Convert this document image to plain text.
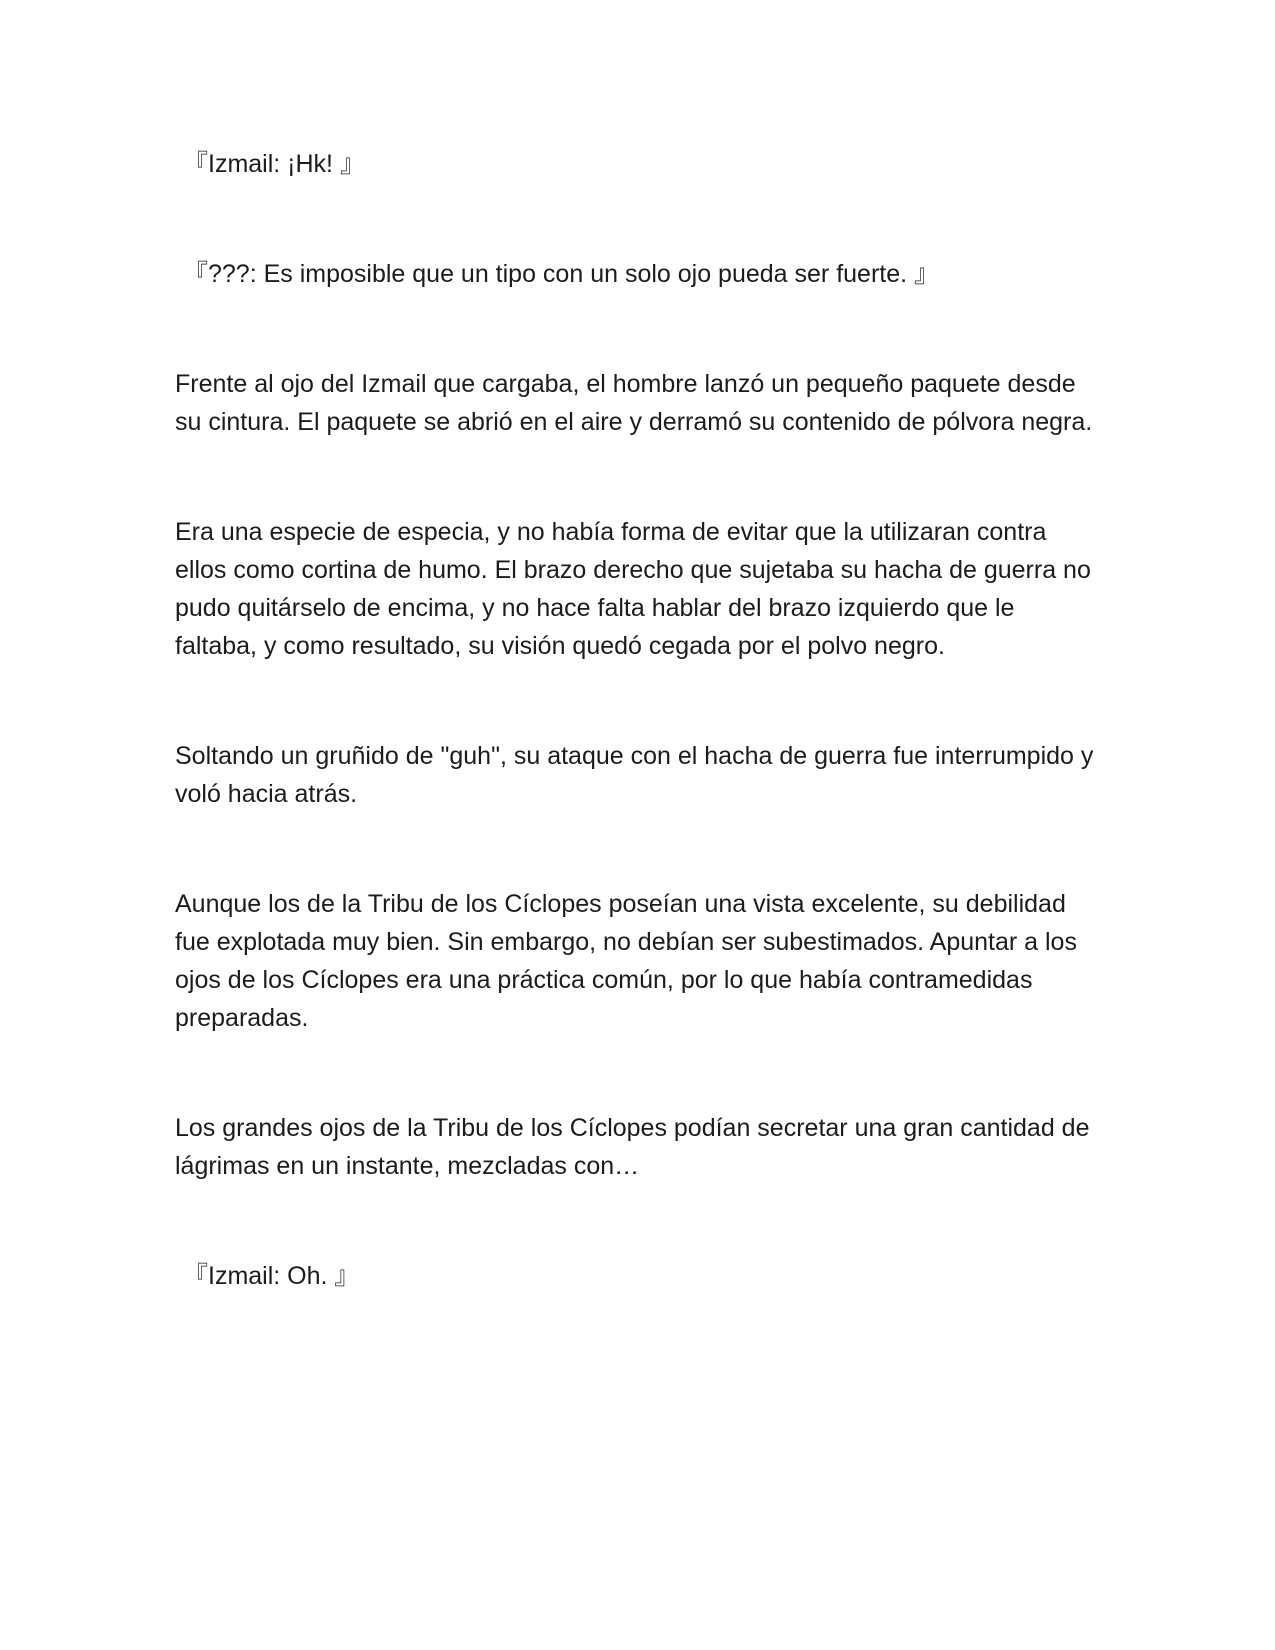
『Izmail: ¡Hk! 』

『???: Es imposible que un tipo con un solo ojo pueda ser fuerte. 』

Frente al ojo del Izmail que cargaba, el hombre lanzó un pequeño paquete desde su cintura. El paquete se abrió en el aire y derramó su contenido de pólvora negra.

Era una especie de especia, y no había forma de evitar que la utilizaran contra ellos como cortina de humo. El brazo derecho que sujetaba su hacha de guerra no pudo quitárselo de encima, y no hace falta hablar del brazo izquierdo que le faltaba, y como resultado, su visión quedó cegada por el polvo negro.

Soltando un gruñido de "guh", su ataque con el hacha de guerra fue interrumpido y voló hacia atrás.

Aunque los de la Tribu de los Cíclopes poseían una vista excelente, su debilidad fue explotada muy bien. Sin embargo, no debían ser subestimados. Apuntar a los ojos de los Cíclopes era una práctica común, por lo que había contramedidas preparadas.

Los grandes ojos de la Tribu de los Cíclopes podían secretar una gran cantidad de lágrimas en un instante, mezcladas con…

『Izmail: Oh. 』
